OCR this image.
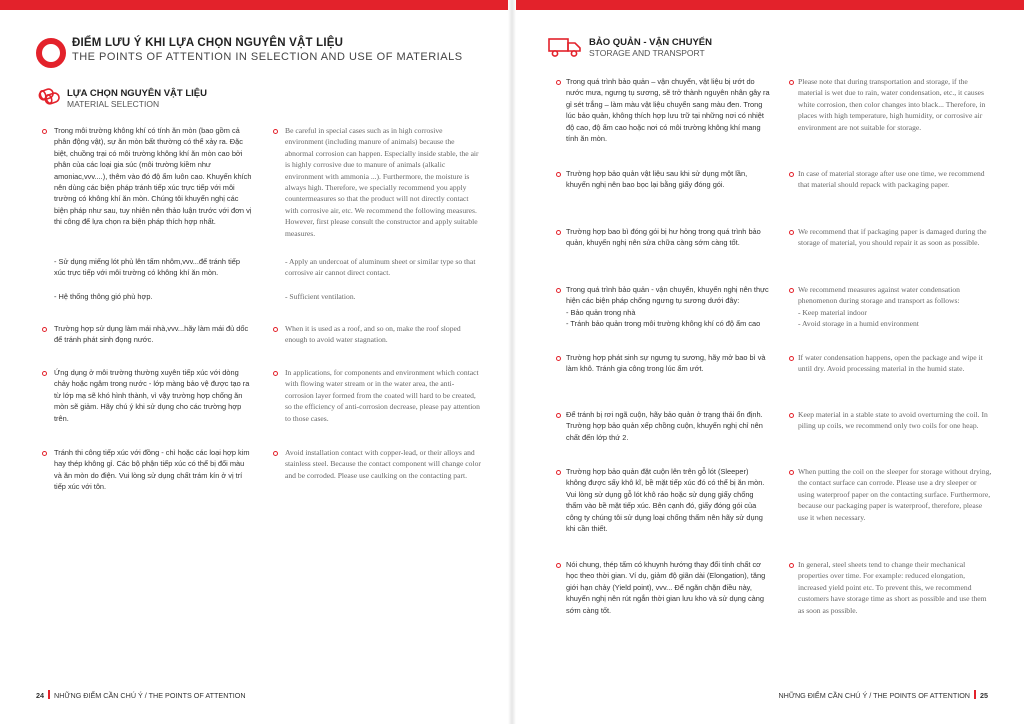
ĐIỂM LƯU Ý KHI LỰA CHỌN NGUYÊN VẬT LIỆU
THE POINTS OF ATTENTION IN SELECTION AND USE OF MATERIALS
LỰA CHỌN NGUYÊN VẬT LIỆU
MATERIAL SELECTION
Trong môi trường không khí có tính ăn mòn (bao gồm cả phân động vật), sự ăn mòn bất thường có thể xảy ra. Đặc biệt, chuồng trại có môi trường không khí ăn mòn cao bởi phân của các loại gia súc (môi trường kiềm như amoniac,vvv....), thêm vào đó độ ẩm luôn cao. Khuyến khích nên dùng các biện pháp tránh tiếp xúc trực tiếp với môi trường có không khí ăn mòn. Chúng tôi khuyến nghị các biện pháp như sau, tuy nhiên nên thảo luận trước với đơn vị thi công để lựa chọn ra biện pháp thích hợp nhất.
- Sử dụng miếng lót phủ lên tấm nhôm,vvv...để tránh tiếp xúc trực tiếp với môi trường có không khí ăn mòn.
- Hệ thống thông gió phù hợp.
Trường hợp sử dụng làm mái nhà,vvv...hãy làm mái đủ dốc để tránh phát sinh đọng nước.
Ứng dụng ở môi trường thường xuyên tiếp xúc với dòng chảy hoặc ngâm trong nước - lớp màng bảo vệ được tạo ra từ lớp mạ sẽ khó hình thành, vì vậy trường hợp chống ăn mòn sẽ giảm. Hãy chú ý khi sử dụng cho các trường hợp trên.
Tránh thi công tiếp xúc với đồng - chì hoặc các loại hợp kim hay thép không gỉ. Các bộ phận tiếp xúc có thể bị đổi màu và ăn mòn do điện. Vui lòng sử dụng chất trám kín ở vị trí tiếp xúc với tôn.
Be careful in special cases such as in high corrosive environment (including manure of animals) because the abnormal corrosion can happen. Especially inside stable, the air is highly corrosive due to manure of animals (alkalic environment with ammonia ...). Furthermore, the moisture is always high. Therefore, we specially recommend you apply countermeasures so that the product will not directly contact with corrosive air, etc. We recommend the following measures. However, first please consult the constructor and apply suitable measures.
- Apply an undercoat of aluminum sheet or similar type so that corrosive air cannot direct contact.
- Sufficient ventilation.
When it is used as a roof, and so on, make the roof sloped enough to avoid water stagnation.
In applications, for components and environment which contact with flowing water stream or in the water area, the anti-corrosion layer formed from the coated will hard to be created, so the efficiency of anti-corrosion decrease, please pay attention to those cases.
Avoid installation contact with copper-lead, or their alloys and stainless steel. Because the contact component will change color and be corroded. Please use caulking on the contacting part.
24 NHỮNG ĐIỂM CẦN CHÚ Ý / THE POINTS OF ATTENTION
BẢO QUẢN - VẬN CHUYỂN
STORAGE AND TRANSPORT
Trong quá trình bảo quản – vận chuyển, vật liệu bị ướt do nước mưa, ngưng tụ sương, sẽ trở thành nguyên nhân gây ra gỉ sét trắng – làm màu vật liệu chuyển sang màu đen. Trong lúc bảo quản, không thích hợp lưu trữ tại những nơi có nhiệt độ cao, độ ẩm cao hoặc nơi có môi trường không khí mang tính ăn mòn.
Trường hợp bảo quản vật liệu sau khi sử dụng một lần, khuyến nghị nên bao bọc lại bằng giấy đóng gói.
Trường hợp bao bì đóng gói bị hư hỏng trong quá trình bảo quản, khuyến nghị nên sửa chữa càng sớm càng tốt.
Trong quá trình bảo quản - vận chuyển, khuyến nghị nên thực hiện các biện pháp chống ngưng tụ sương dưới đây:
- Bảo quản trong nhà
- Tránh bảo quản trong môi trường không khí có độ ẩm cao
Trường hợp phát sinh sự ngưng tụ sương, hãy mở bao bì và làm khô. Tránh gia công trong lúc ẩm ướt.
Để tránh bị rơi ngã cuộn, hãy bảo quản ở trạng thái ổn định. Trường hợp bảo quản xếp chồng cuộn, khuyến nghị chỉ nên chất đến lớp thứ 2.
Trường hợp bảo quản đặt cuộn lên trên gỗ lót (Sleeper) không được sấy khô kĩ, bề mặt tiếp xúc đó có thể bị ăn mòn. Vui lòng sử dụng gỗ lót khô ráo hoặc sử dụng giấy chống thấm vào bề mặt tiếp xúc. Bên cạnh đó, giấy đóng gói của công ty chúng tôi sử dụng loại chống thấm nên hãy sử dụng khi cần thiết.
Nói chung, thép tấm có khuynh hướng thay đổi tính chất cơ học theo thời gian. Ví dụ, giảm độ giãn dài (Elongation), tăng giới hạn chảy (Yield point), vvv... Để ngăn chặn điều này, khuyến nghị nên rút ngắn thời gian lưu kho và sử dụng càng sớm càng tốt.
Please note that during transportation and storage, if the material is wet due to rain, water condensation, etc., it causes white corrosion, then color changes into black... Therefore, in places with high temperature, high humidity, or corrosive air environment are not suitable for storage.
In case of material storage after use one time, we recommend that material should repack with packaging paper.
We recommend that if packaging paper is damaged during the storage of material, you should repair it as soon as possible.
We recommend measures against water condensation phenomenon during storage and transport as follows:
- Keep material indoor
- Avoid storage in a humid environment
If water condensation happens, open the package and wipe it until dry. Avoid processing material in the humid state.
Keep material in a stable state to avoid overturning the coil. In piling up coils, we recommend only two coils for one heap.
When putting the coil on the sleeper for storage without drying, the contact surface can corrode. Please use a dry sleeper or using waterproof paper on the contacting surface. Furthermore, because our packaging paper is waterproof, therefore, please use it when necessary.
In general, steel sheets tend to change their mechanical properties over time. For example: reduced elongation, increased yield point etc. To prevent this, we recommend customers have storage time as short as possible and use them as soon as possible.
NHỮNG ĐIỂM CẦN CHÚ Ý / THE POINTS OF ATTENTION 25
